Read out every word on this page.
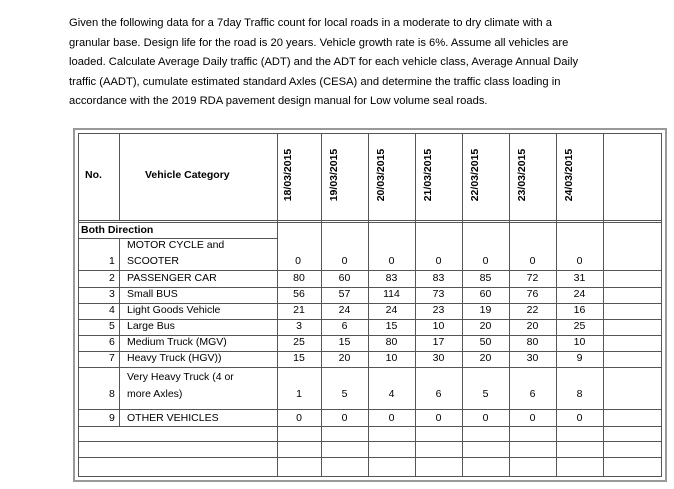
Given the following data for a 7day Traffic count for local roads in a moderate to dry climate with a
granular base. Design life for the road is 20 years. Vehicle growth rate is 6%. Assume all vehicles are
loaded. Calculate Average Daily traffic (ADT) and the ADT for each vehicle class, Average Annual Daily
traffic (AADT), cumulate estimated standard Axles (CESA) and determine the traffic class loading in
accordance with the 2019 RDA pavement design manual for Low volume seal roads.
No.	Vehicle Category	18/03/2015	19/03/2015	20/03/2015	21/03/2015	22/03/2015	23/03/2015	24/03/2015
Both Direction
MOTOR CYCLE and
1 SCOOTER	0	0	0	0	0	0	0
2 PASSENGER CAR	80	60	83	83	85	72	31
3 Small BUS	56	57	114	73	60	76	24
4 Light Goods Vehicle	21	24	24	23	19	22	16
5 Large Bus	3	6	15	10	20	20	25
6 Medium Truck (MGV)	25	15	80	17	50	80	10
7 Heavy Truck (HGV))	15	20	10	30	20	30	9
Very Heavy Truck (4 or
8 more Axles)	1	5	4	6	5	6	8
9 OTHER VEHICLES	0	0	0	0	0	0	0
